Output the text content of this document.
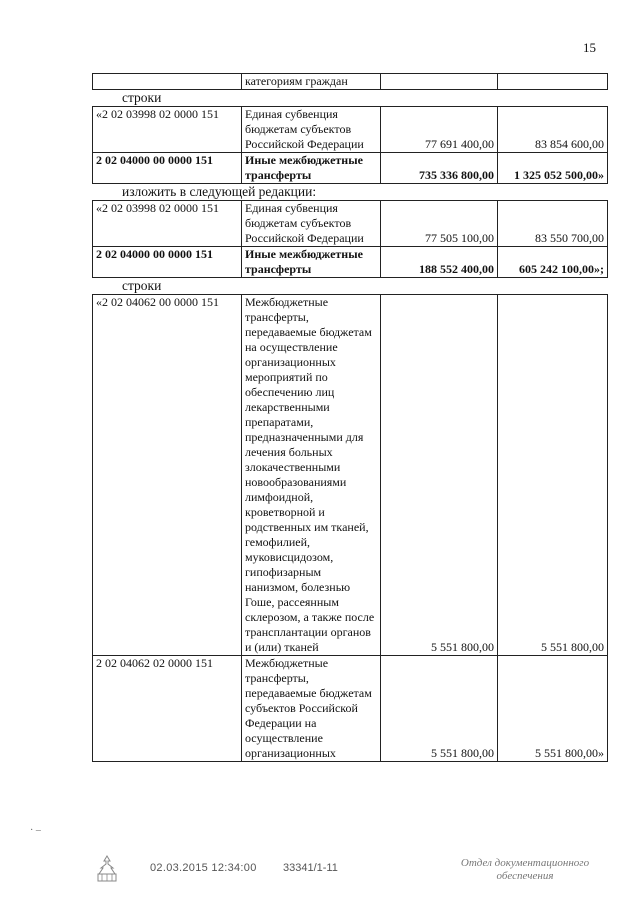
15
	категориям граждан		
строки
«2 02 03998 02 0000 151	Единая субвенция бюджетам субъектов Российской Федерации	77 691 400,00	83 854 600,00
2 02 04000 00 0000 151	Иные межбюджетные трансферты	735 336 800,00	1 325 052 500,00»
изложить в следующей редакции:
«2 02 03998 02 0000 151	Единая субвенция бюджетам субъектов Российской Федерации	77 505 100,00	83 550 700,00
2 02 04000 00 0000 151	Иные межбюджетные трансферты	188 552 400,00	605 242 100,00»;
строки
«2 02 04062 00 0000 151	Межбюджетные трансферты, передаваемые бюджетам на осуществление организационных мероприятий по обеспечению лиц лекарственными препаратами, предназначенными для лечения больных злокачественными новообразованиями лимфоидной, кроветворной и родственных им тканей, гемофилией, муковисцидозом, гипофизарным нанизмом, болезнью Гоше, рассеянным склерозом, а также после трансплантации органов и (или) тканей	5 551 800,00	5 551 800,00
2 02 04062 02 0000 151	Межбюджетные трансферты, передаваемые бюджетам субъектов Российской Федерации на осуществление организационных	5 551 800,00	5 551 800,00»
· –
02.03.2015 12:34:00 33341/1-11	Отдел документационного
обеспечения
